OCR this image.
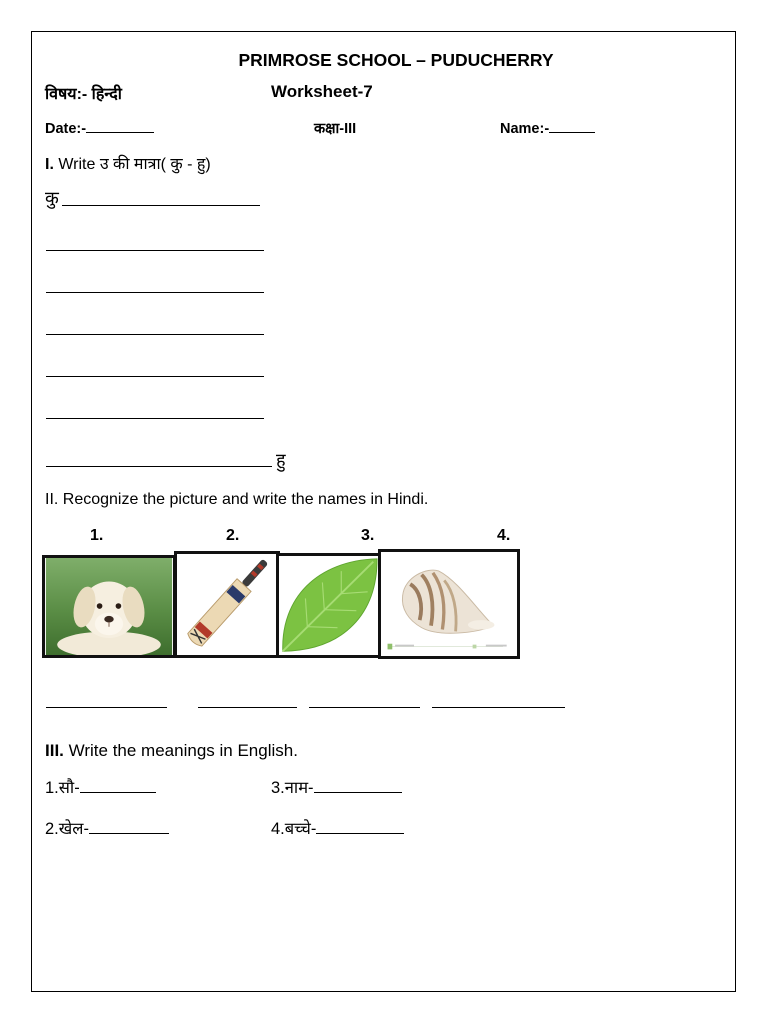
PRIMROSE SCHOOL – PUDUCHERRY
विषय:- हिन्दी	Worksheet-7
Date:-	कक्षा-III	Name:-
I. Write उ की मात्रा( कु - हु)
कु
हु
II. Recognize the picture and write the names in Hindi.
1.	2.	3.	4.
III. Write the meanings in English.
1.सौ-	3.नाम-
2.खेल-	4.बच्चे-
